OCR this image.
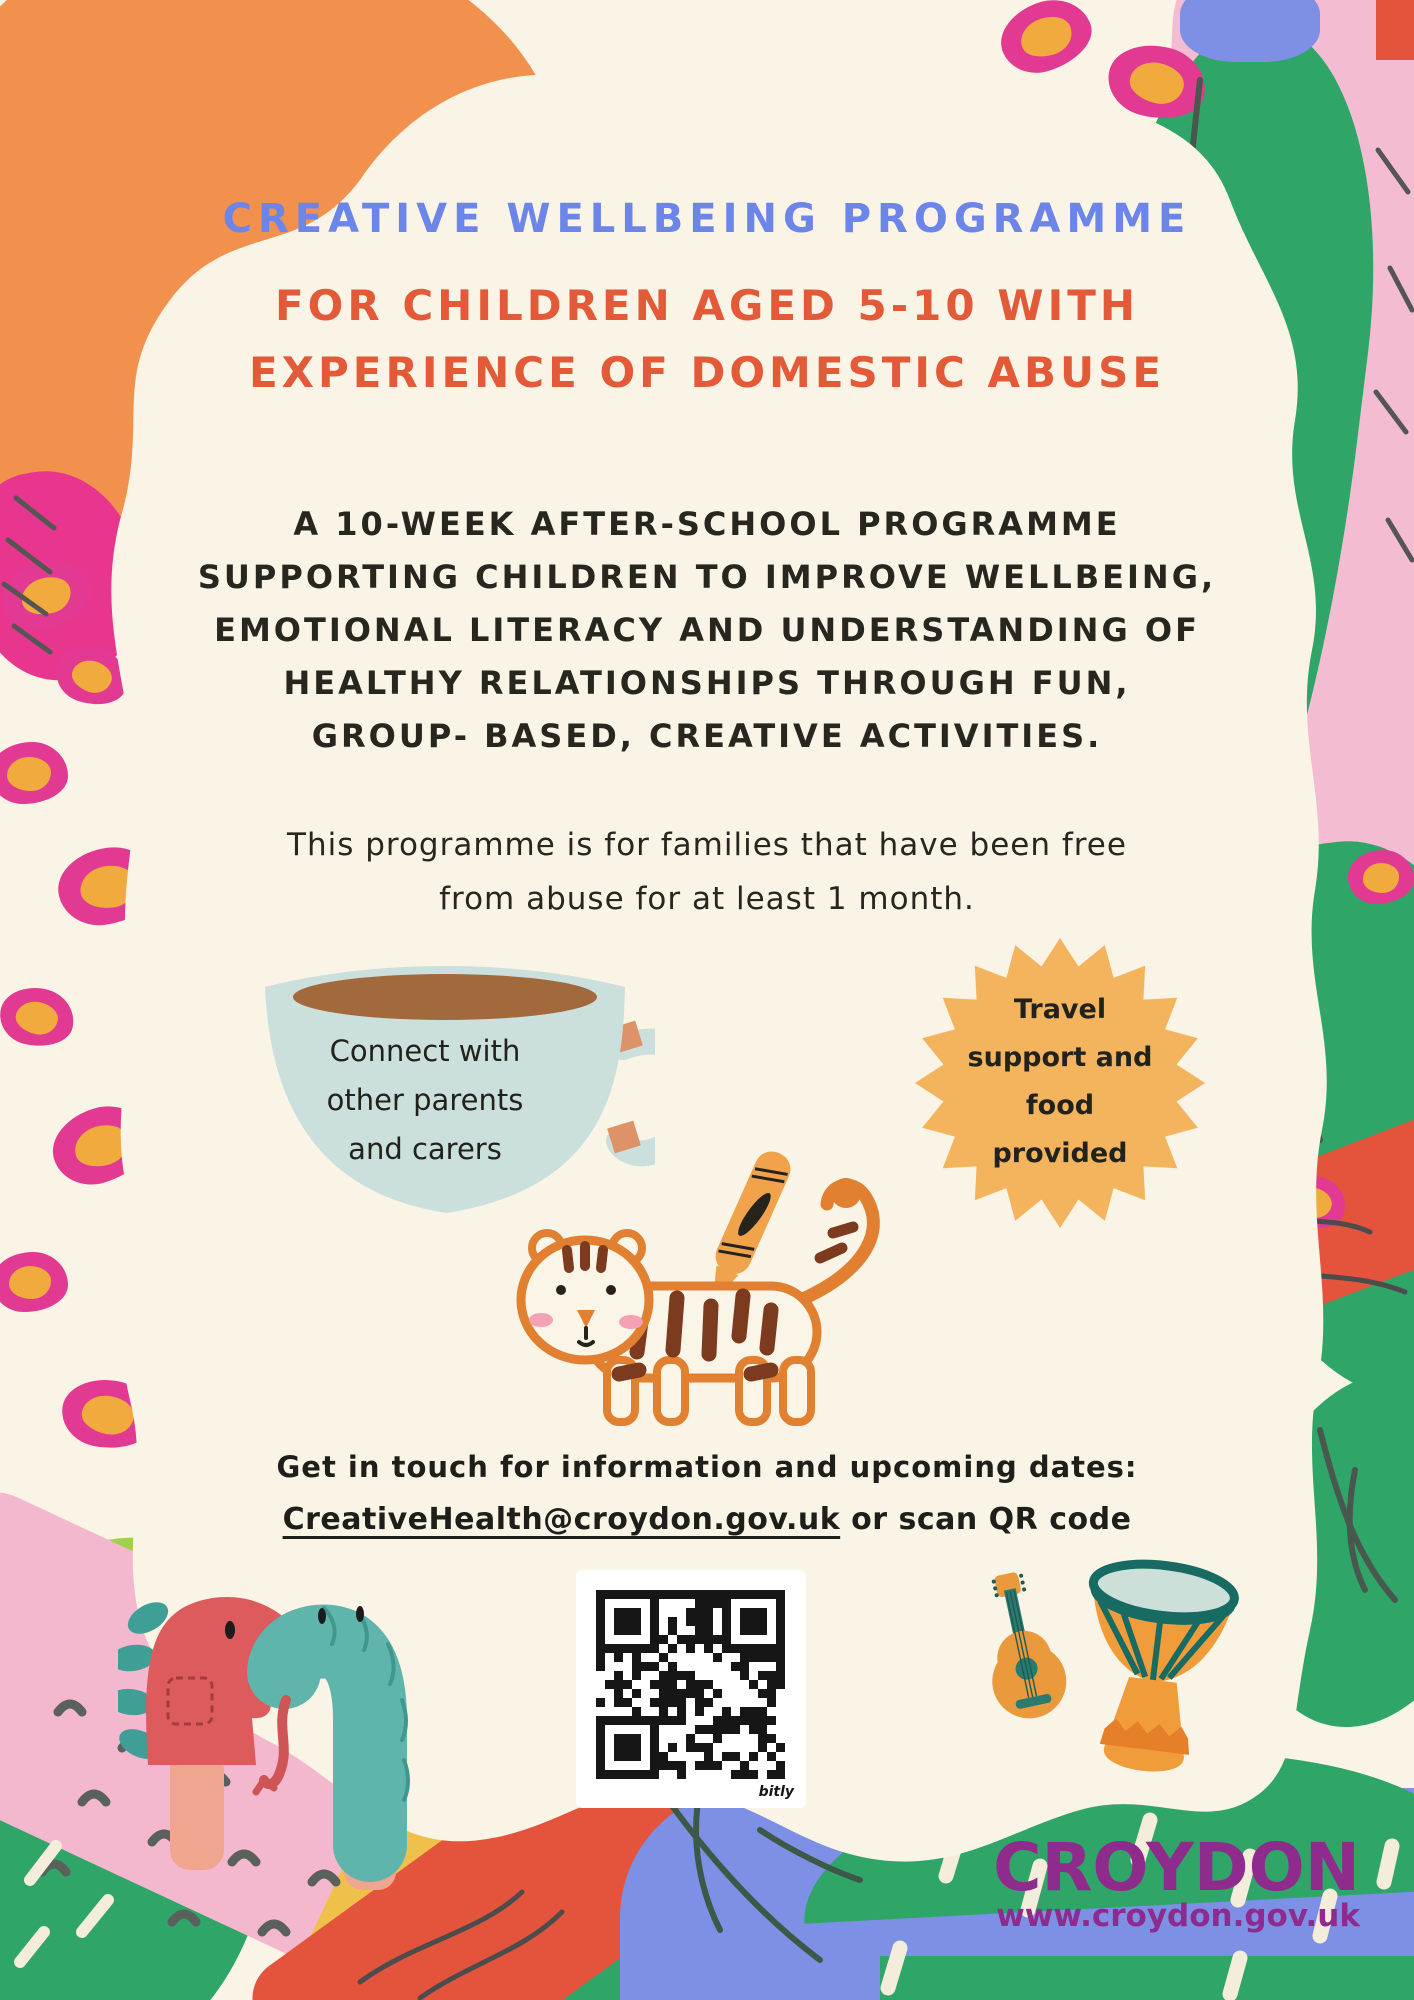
CREATIVE WELLBEING PROGRAMME
FOR CHILDREN AGED 5-10 WITH
EXPERIENCE OF DOMESTIC ABUSE
A 10-WEEK AFTER-SCHOOL PROGRAMME
SUPPORTING CHILDREN TO IMPROVE WELLBEING,
EMOTIONAL LITERACY AND UNDERSTANDING OF
HEALTHY RELATIONSHIPS THROUGH FUN,
GROUP- BASED, CREATIVE ACTIVITIES.
This programme is for families that have been free
from abuse for at least 1 month.
Connect with
other parents
and carers
Travel
support and
food
provided
Get in touch for information and upcoming dates:
CreativeHealth@croydon.gov.uk or scan QR code
bitly
CROYDON
www.croydon.gov.uk
